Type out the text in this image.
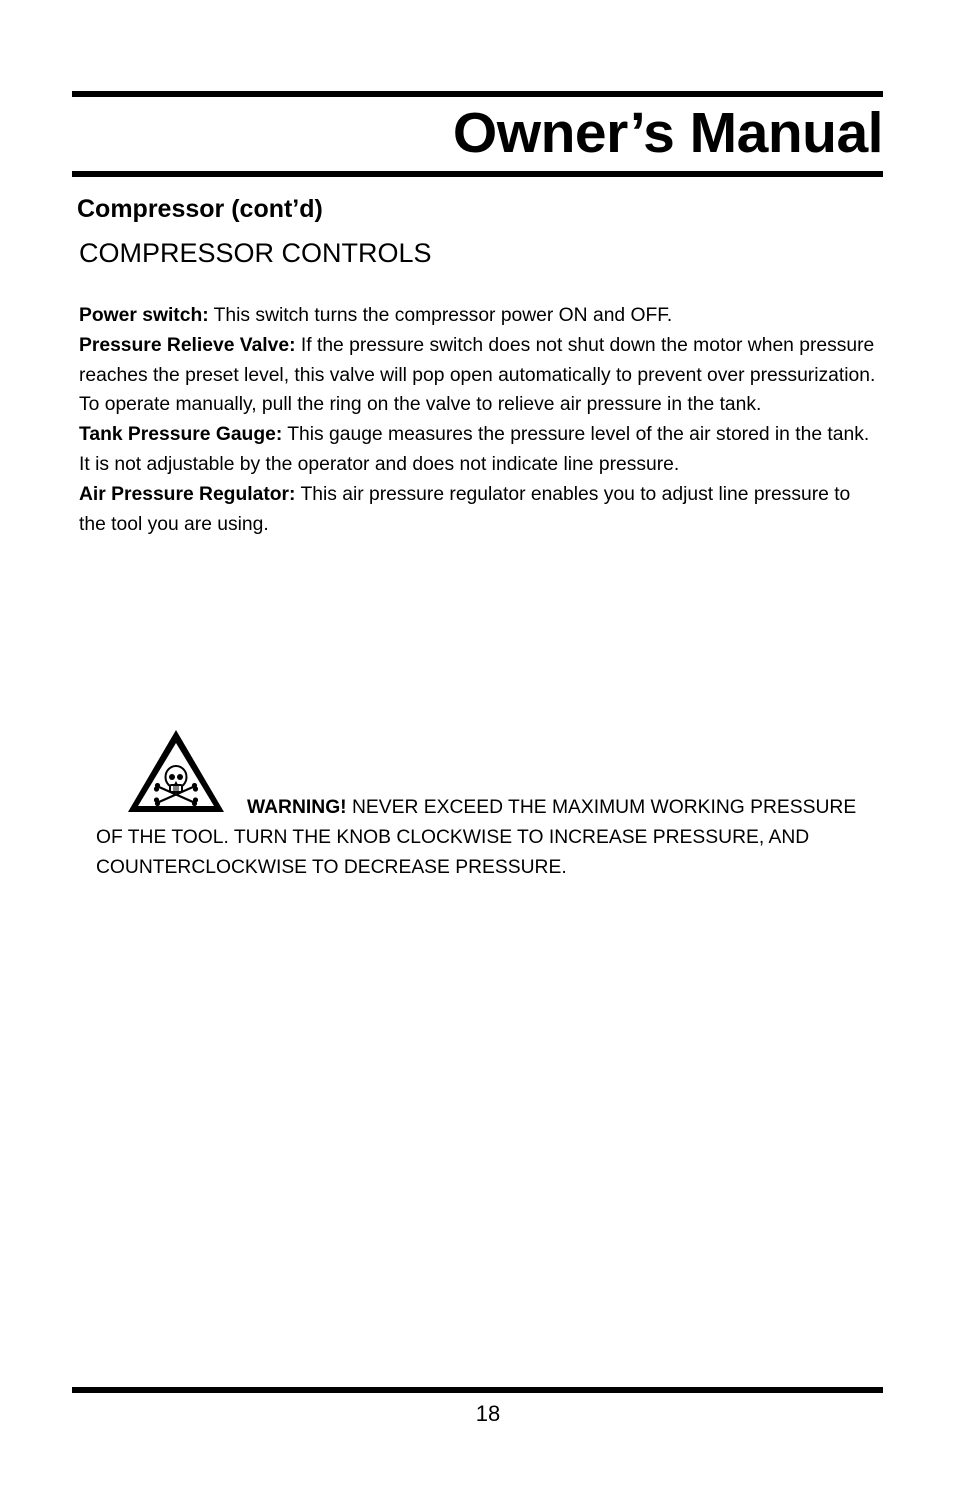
Owner’s Manual
Compressor (cont’d)
COMPRESSOR CONTROLS

Power switch: This switch turns the compressor power ON and OFF.

Pressure Relieve Valve: If the pressure switch does not shut down the motor when pressure reaches the preset level, this valve will pop open automatically to prevent over pressurization. To operate manually, pull the ring on the valve to relieve air pressure in the tank.

Tank Pressure Gauge: This gauge measures the pressure level of the air stored in the tank. It is not adjustable by the operator and does not indicate line pressure.

Air Pressure Regulator: This air pressure regulator enables you to adjust line pressure to the tool you are using.

WARNING! NEVER EXCEED THE MAXIMUM WORKING PRESSURE OF THE TOOL. TURN THE KNOB CLOCKWISE TO INCREASE PRESSURE, AND COUNTERCLOCKWISE TO DECREASE PRESSURE.

18
